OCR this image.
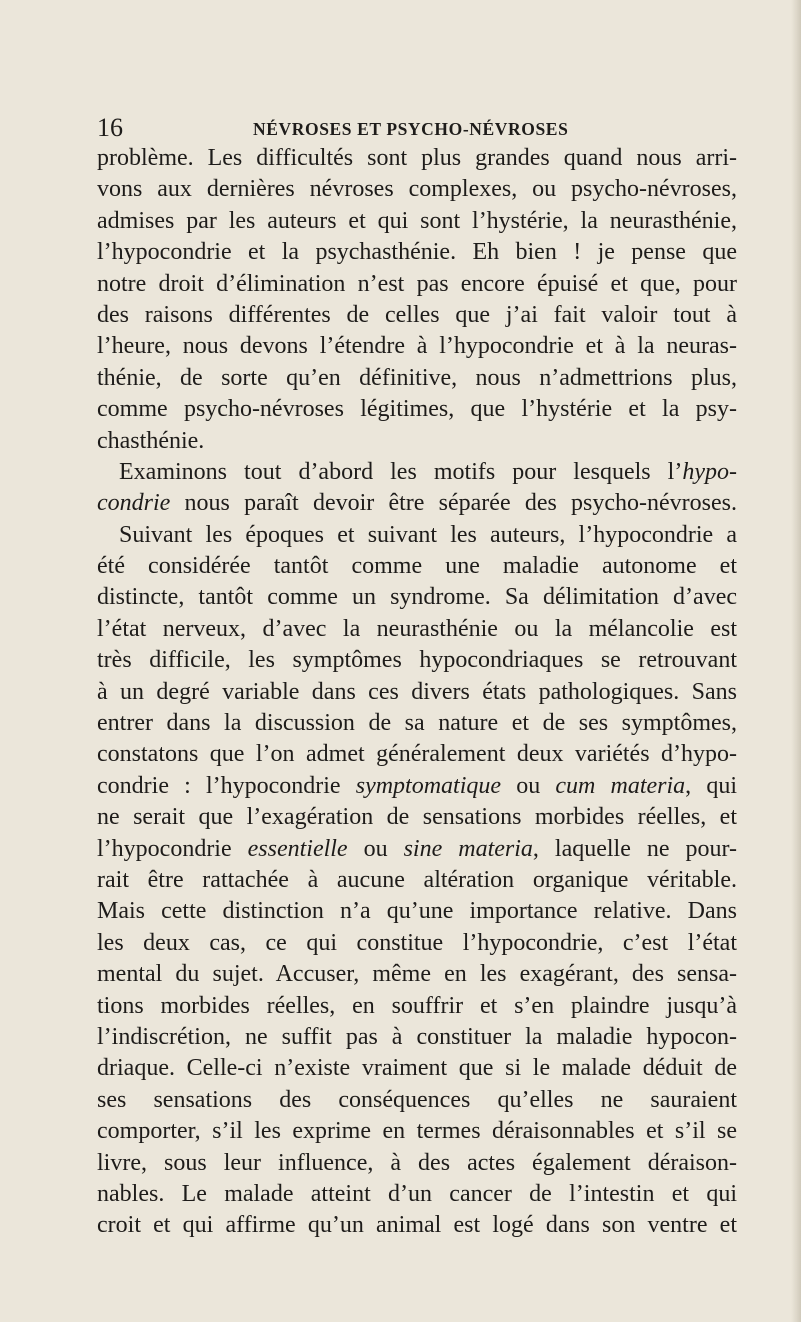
16	NÉVROSES ET PSYCHO-NÉVROSES
problème. Les difficultés sont plus grandes quand nous arri-
vons aux dernières névroses complexes, ou psycho-névroses,
admises par les auteurs et qui sont l’hystérie, la neurasthénie,
l’hypocondrie et la psychasthénie. Eh bien ! je pense que
notre droit d’élimination n’est pas encore épuisé et que, pour
des raisons différentes de celles que j’ai fait valoir tout à
l’heure, nous devons l’étendre à l’hypocondrie et à la neuras-
thénie, de sorte qu’en définitive, nous n’admettrions plus,
comme psycho-névroses légitimes, que l’hystérie et la psy-
chasthénie.
Examinons tout d’abord les motifs pour lesquels l’hypo-
condrie nous paraît devoir être séparée des psycho-névroses.
Suivant les époques et suivant les auteurs, l’hypocondrie a
été considérée tantôt comme une maladie autonome et
distincte, tantôt comme un syndrome. Sa délimitation d’avec
l’état nerveux, d’avec la neurasthénie ou la mélancolie est
très difficile, les symptômes hypocondriaques se retrouvant
à un degré variable dans ces divers états pathologiques. Sans
entrer dans la discussion de sa nature et de ses symptômes,
constatons que l’on admet généralement deux variétés d’hypo-
condrie : l’hypocondrie symptomatique ou cum materia, qui
ne serait que l’exagération de sensations morbides réelles, et
l’hypocondrie essentielle ou sine materia, laquelle ne pour-
rait être rattachée à aucune altération organique véritable.
Mais cette distinction n’a qu’une importance relative. Dans
les deux cas, ce qui constitue l’hypocondrie, c’est l’état
mental du sujet. Accuser, même en les exagérant, des sensa-
tions morbides réelles, en souffrir et s’en plaindre jusqu’à
l’indiscrétion, ne suffit pas à constituer la maladie hypocon-
driaque. Celle-ci n’existe vraiment que si le malade déduit de
ses sensations des conséquences qu’elles ne sauraient
comporter, s’il les exprime en termes déraisonnables et s’il se
livre, sous leur influence, à des actes également déraison-
nables. Le malade atteint d’un cancer de l’intestin et qui
croit et qui affirme qu’un animal est logé dans son ventre et
